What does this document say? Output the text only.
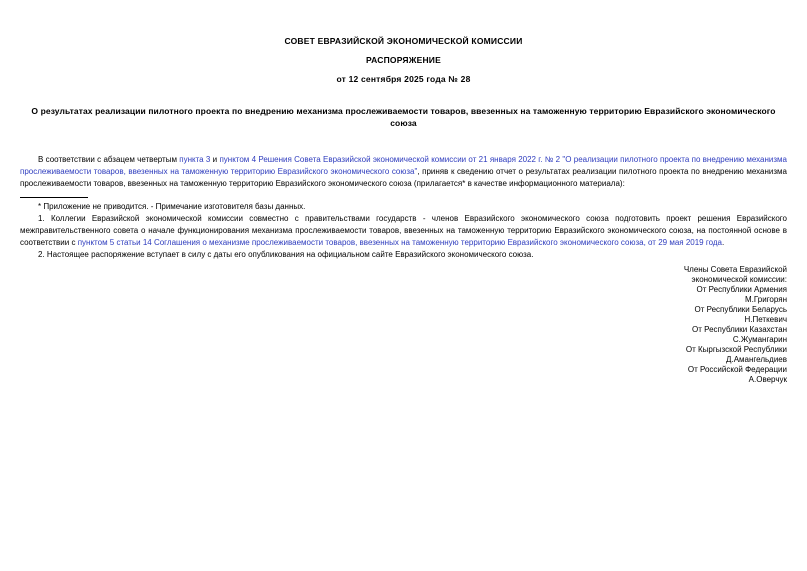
СОВЕТ ЕВРАЗИЙСКОЙ ЭКОНОМИЧЕСКОЙ КОМИССИИ
РАСПОРЯЖЕНИЕ
от 12 сентября 2025 года № 28
О результатах реализации пилотного проекта по внедрению механизма прослеживаемости товаров, ввезенных на таможенную территорию Евразийского экономического союза

В соответствии с абзацем четвертым пункта 3 и пунктом 4 Решения Совета Евразийской экономической комиссии от 21 января 2022 г. № 2 "О реализации пилотного проекта по внедрению механизма прослеживаемости товаров, ввезенных на таможенную территорию Евразийского экономического союза", приняв к сведению отчет о результатах реализации пилотного проекта по внедрению механизма прослеживаемости товаров, ввезенных на таможенную территорию Евразийского экономического союза (прилагается* в качестве информационного материала):

* Приложение не приводится. - Примечание изготовителя базы данных.

1. Коллегии Евразийской экономической комиссии совместно с правительствами государств - членов Евразийского экономического союза подготовить проект решения Евразийского межправительственного совета о начале функционирования механизма прослеживаемости товаров, ввезенных на таможенную территорию Евразийского экономического союза, на постоянной основе в соответствии с пунктом 5 статьи 14 Соглашения о механизме прослеживаемости товаров, ввезенных на таможенную территорию Евразийского экономического союза, от 29 мая 2019 года.

2. Настоящее распоряжение вступает в силу с даты его опубликования на официальном сайте Евразийского экономического союза.

Члены Совета Евразийской
экономической комиссии:
От Республики Армения
М.Григорян
От Республики Беларусь
Н.Петкевич
От Республики Казахстан
С.Жумангарин
От Кыргызской Республики
Д.Амангельдиев
От Российской Федерации
А.Оверчук
